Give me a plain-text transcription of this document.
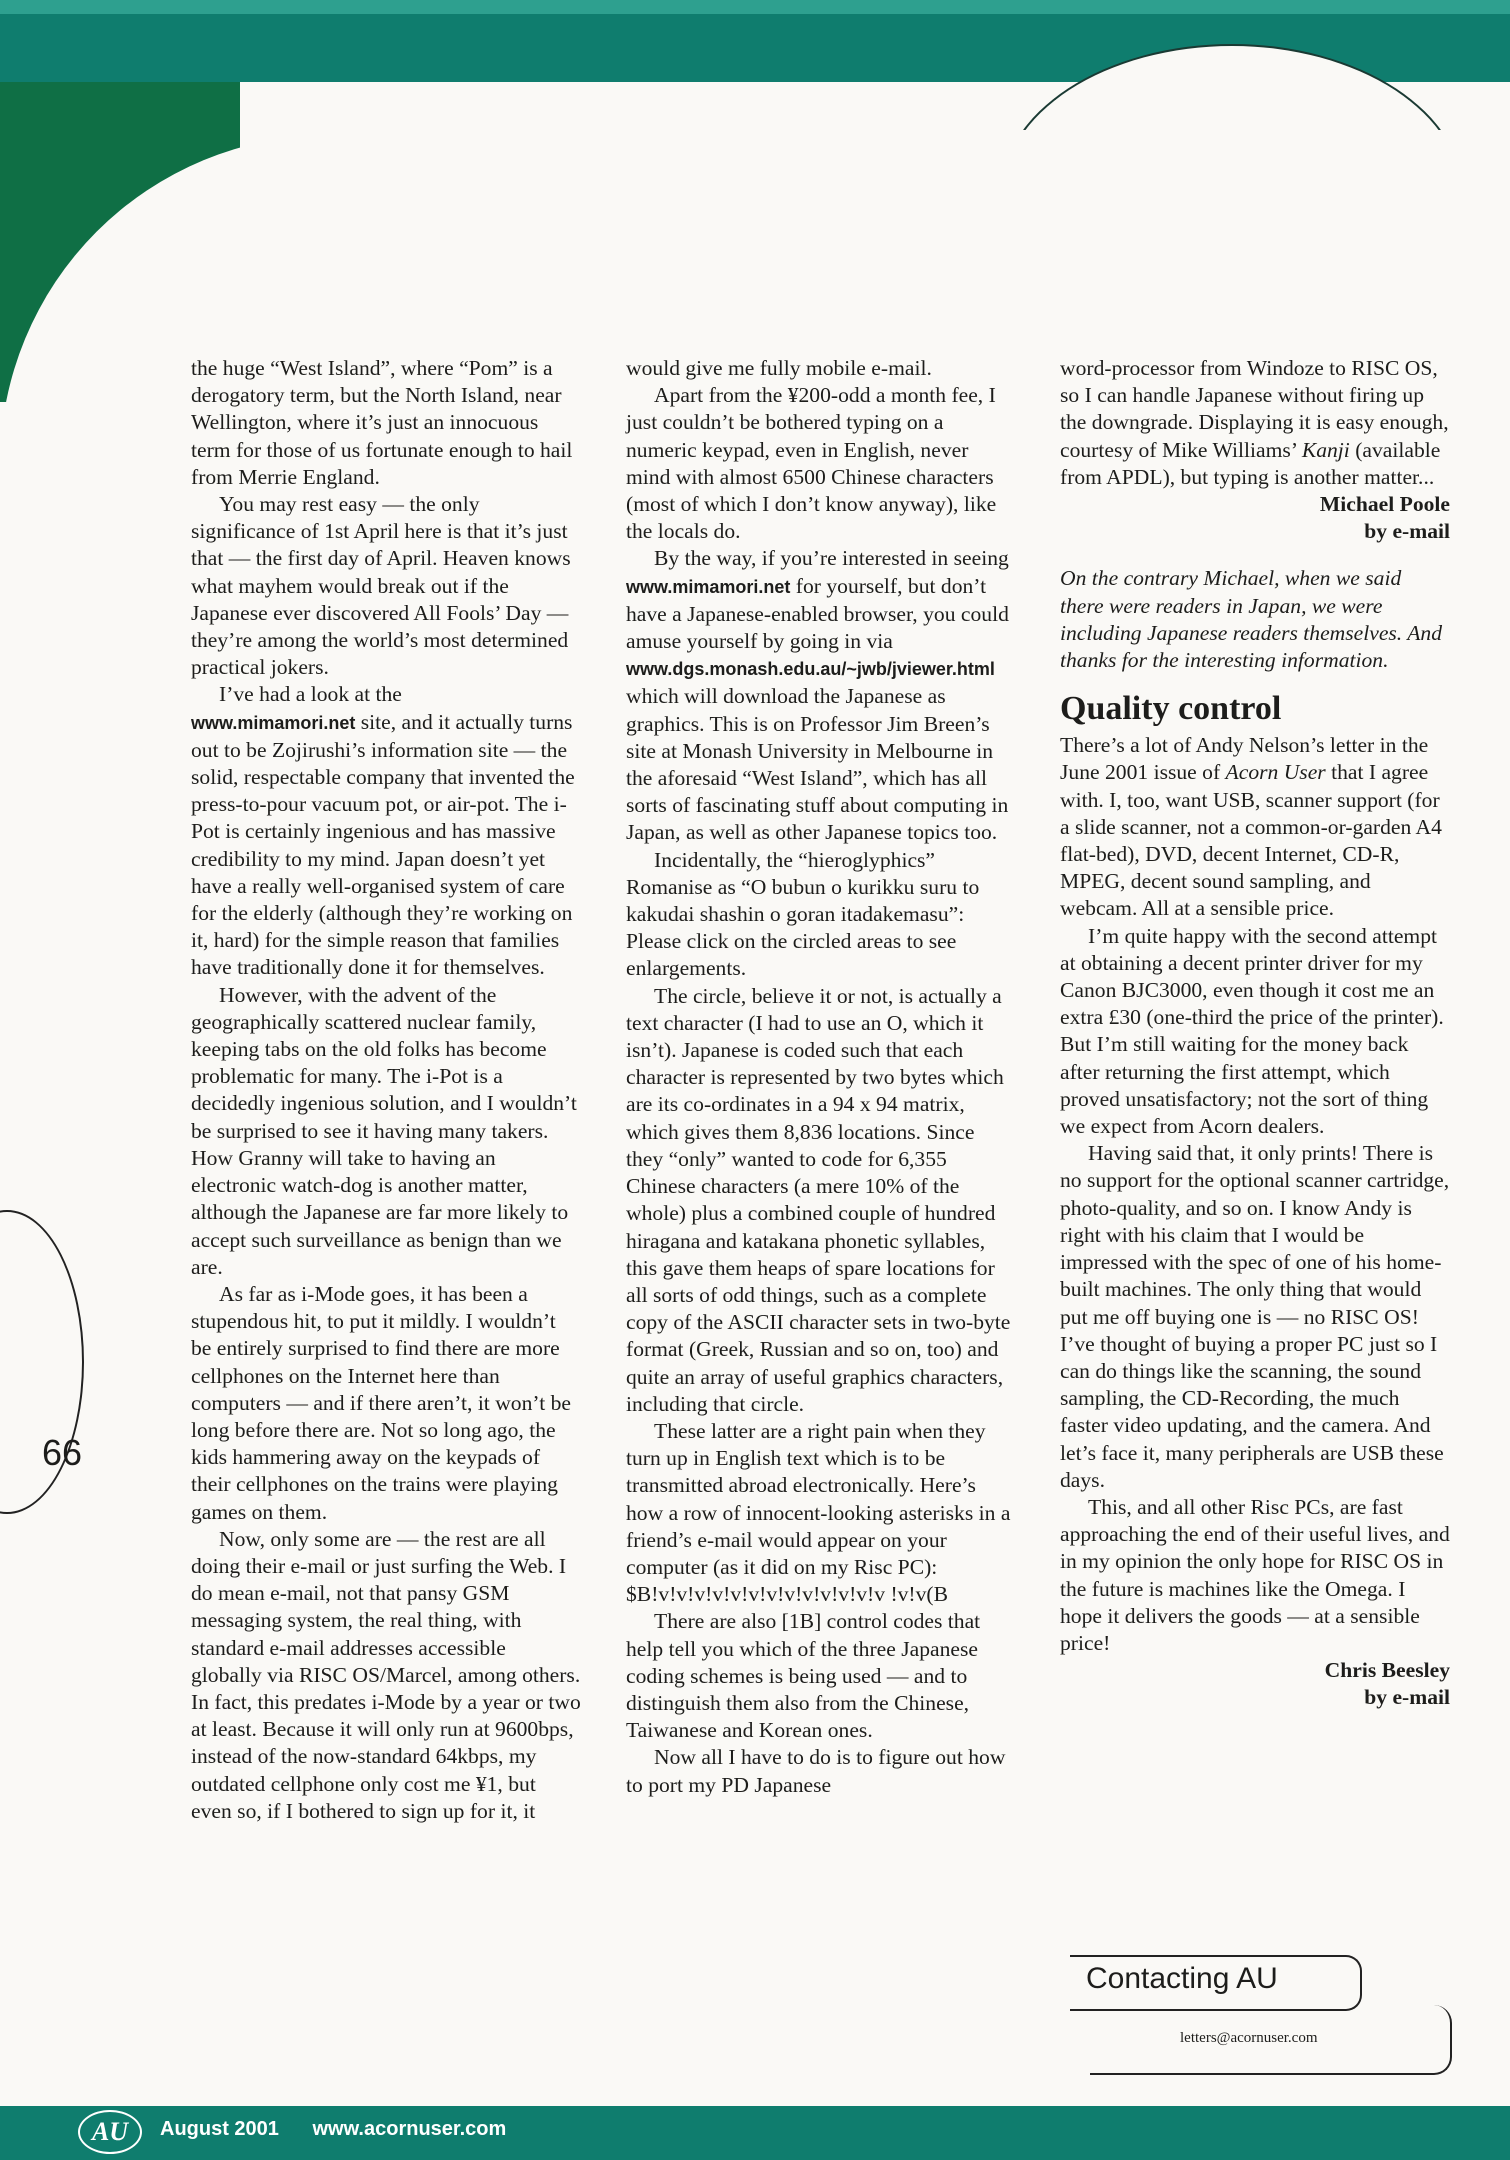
the huge “West Island”, where “Pom” is a derogatory term, but the North Island, near Wellington, where it’s just an innocuous term for those of us fortunate enough to hail from Merrie England.

You may rest easy — the only significance of 1st April here is that it’s just that — the first day of April. Heaven knows what mayhem would break out if the Japanese ever discovered All Fools’ Day — they’re among the world’s most determined practical jokers.

I’ve had a look at the
www.mimamori.net site, and it actually turns out to be Zojirushi’s information site — the solid, respectable company that invented the press-to-pour vacuum pot, or air-pot. The i-Pot is certainly ingenious and has massive credibility to my mind. Japan doesn’t yet have a really well-organised system of care for the elderly (although they’re working on it, hard) for the simple reason that families have traditionally done it for themselves.

However, with the advent of the geographically scattered nuclear family, keeping tabs on the old folks has become problematic for many. The i-Pot is a decidedly ingenious solution, and I wouldn’t be surprised to see it having many takers. How Granny will take to having an electronic watch-dog is another matter, although the Japanese are far more likely to accept such surveillance as benign than we are.

As far as i-Mode goes, it has been a stupendous hit, to put it mildly. I wouldn’t be entirely surprised to find there are more cellphones on the Internet here than computers — and if there aren’t, it won’t be long before there are. Not so long ago, the kids hammering away on the keypads of their cellphones on the trains were playing games on them.

Now, only some are — the rest are all doing their e-mail or just surfing the Web. I do mean e-mail, not that pansy GSM messaging system, the real thing, with standard e-mail addresses accessible globally via RISC OS/Marcel, among others. In fact, this predates i-Mode by a year or two at least. Because it will only run at 9600bps, instead of the now-standard 64kbps, my outdated cellphone only cost me ¥1, but even so, if I bothered to sign up for it, it

would give me fully mobile e-mail.

Apart from the ¥200-odd a month fee, I just couldn’t be bothered typing on a numeric keypad, even in English, never mind with almost 6500 Chinese characters (most of which I don’t know anyway), like the locals do.

By the way, if you’re interested in seeing www.mimamori.net for yourself, but don’t have a Japanese-enabled browser, you could amuse yourself by going in via
www.dgs.monash.edu.au/~jwb/jviewer.html which will download the Japanese as graphics. This is on Professor Jim Breen’s site at Monash University in Melbourne in the aforesaid “West Island”, which has all sorts of fascinating stuff about computing in Japan, as well as other Japanese topics too.

Incidentally, the “hieroglyphics” Romanise as “O bubun o kurikku suru to kakudai shashin o goran itadakemasu”: Please click on the circled areas to see enlargements.

The circle, believe it or not, is actually a text character (I had to use an O, which it isn’t). Japanese is coded such that each character is represented by two bytes which are its co-ordinates in a 94 x 94 matrix, which gives them 8,836 locations. Since they “only” wanted to code for 6,355 Chinese characters (a mere 10% of the whole) plus a combined couple of hundred hiragana and katakana phonetic syllables, this gave them heaps of spare locations for all sorts of odd things, such as a complete copy of the ASCII character sets in two-byte format (Greek, Russian and so on, too) and quite an array of useful graphics characters, including that circle.

These latter are a right pain when they turn up in English text which is to be transmitted abroad electronically. Here’s how a row of innocent-looking asterisks in a friend’s e-mail would appear on your computer (as it did on my Risc PC): $B!v!v!v!v!v!v!v!v!v!v!v!v!v !v!v(B

There are also [1B] control codes that help tell you which of the three Japanese coding schemes is being used — and to distinguish them also from the Chinese, Taiwanese and Korean ones.

Now all I have to do is to figure out how to port my PD Japanese

word-processor from Windoze to RISC OS, so I can handle Japanese without firing up the downgrade. Displaying it is easy enough, courtesy of Mike Williams’ Kanji (available from APDL), but typing is another matter...

Michael Poole

by e-mail

On the contrary Michael, when we said there were readers in Japan, we were including Japanese readers themselves. And thanks for the interesting information.

Quality control

There’s a lot of Andy Nelson’s letter in the June 2001 issue of Acorn User that I agree with. I, too, want USB, scanner support (for a slide scanner, not a common-or-garden A4 flat-bed), DVD, decent Internet, CD-R, MPEG, decent sound sampling, and webcam. All at a sensible price.

I’m quite happy with the second attempt at obtaining a decent printer driver for my Canon BJC3000, even though it cost me an extra £30 (one-third the price of the printer). But I’m still waiting for the money back after returning the first attempt, which proved unsatisfactory; not the sort of thing we expect from Acorn dealers.

Having said that, it only prints! There is no support for the optional scanner cartridge, photo-quality, and so on. I know Andy is right with his claim that I would be impressed with the spec of one of his home-built machines. The only thing that would put me off buying one is — no RISC OS! I’ve thought of buying a proper PC just so I can do things like the scanning, the sound sampling, the CD-Recording, the much faster video updating, and the camera. And let’s face it, many peripherals are USB these days.

This, and all other Risc PCs, are fast approaching the end of their useful lives, and in my opinion the only hope for RISC OS in the future is machines like the Omega. I hope it delivers the goods — at a sensible price!

Chris Beesley

by e-mail

66
Contacting AU
letters@acornuser.com
AU	August 2001 www.acornuser.com
